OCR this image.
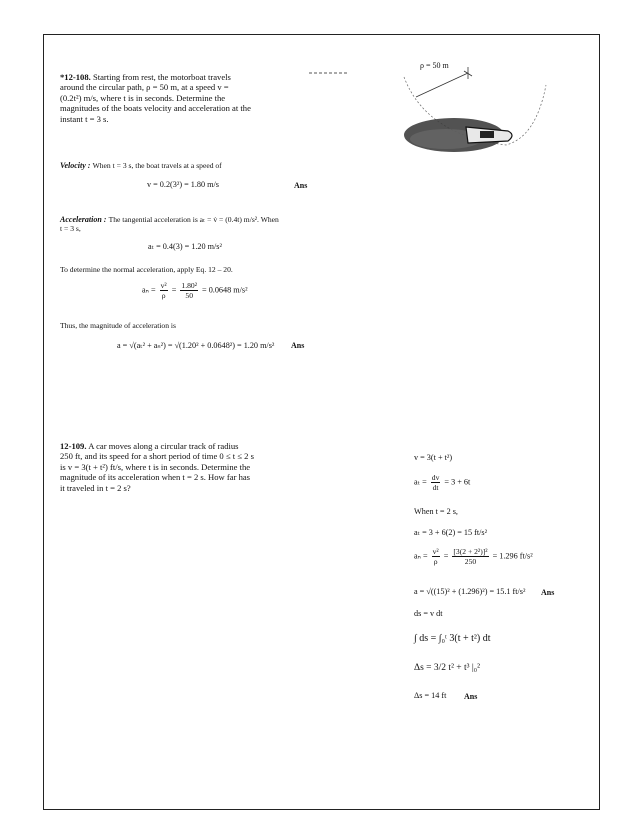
*12-108. Starting from rest, the motorboat travels
around the circular path, ρ = 50 m, at a speed v =
(0.2t²) m/s, where t is in seconds. Determine the
magnitudes of the boats velocity and acceleration at the
instant t = 3 s.
ρ = 50 m
Velocity : When t = 3 s, the boat travels at a speed of
v = 0.2(3²) = 1.80 m/s	Ans
Acceleration : The tangential acceleration is aₜ = v̇ = (0.4t) m/s². When
t = 3 s,
aₜ = 0.4(3) = 1.20 m/s²
To determine the normal acceleration, apply Eq. 12 – 20.
$a_n = \frac{\text{v²}}{\rho} = \frac{\text{1.80²}}{50} = 0.0648$ m/s²
Thus, the magnitude of acceleration is
a = √(aₜ² + aₙ²) = √(1.20² + 0.0648²) = 1.20 m/s² Ans
12-109. A car moves along a circular track of radius
250 ft, and its speed for a short period of time 0 ≤ t ≤ 2 s
is v = 3(t + t²) ft/s, where t is in seconds. Determine the
magnitude of its acceleration when t = 2 s. How far has
it traveled in t = 2 s?
v = 3(t + t²)
$a_t = \frac{dv}{dt} = 3 + 6t$
When t = 2 s,
aₜ = 3 + 6(2) = 15 ft/s²
$a_n = \frac{\text{v²}}{\rho} = \frac{\text{[3(2 + 2²)]²}}{250} = 1.296$ ft/s²
a = √((15)² + (1.296)²) = 15.1 ft/s² Ans
ds = v dt
∫ ds = ∫₀ᵗ 3(t + t²) dt
Δs = 3/2 t² + t³ |₀²
Δs = 14 ft Ans
